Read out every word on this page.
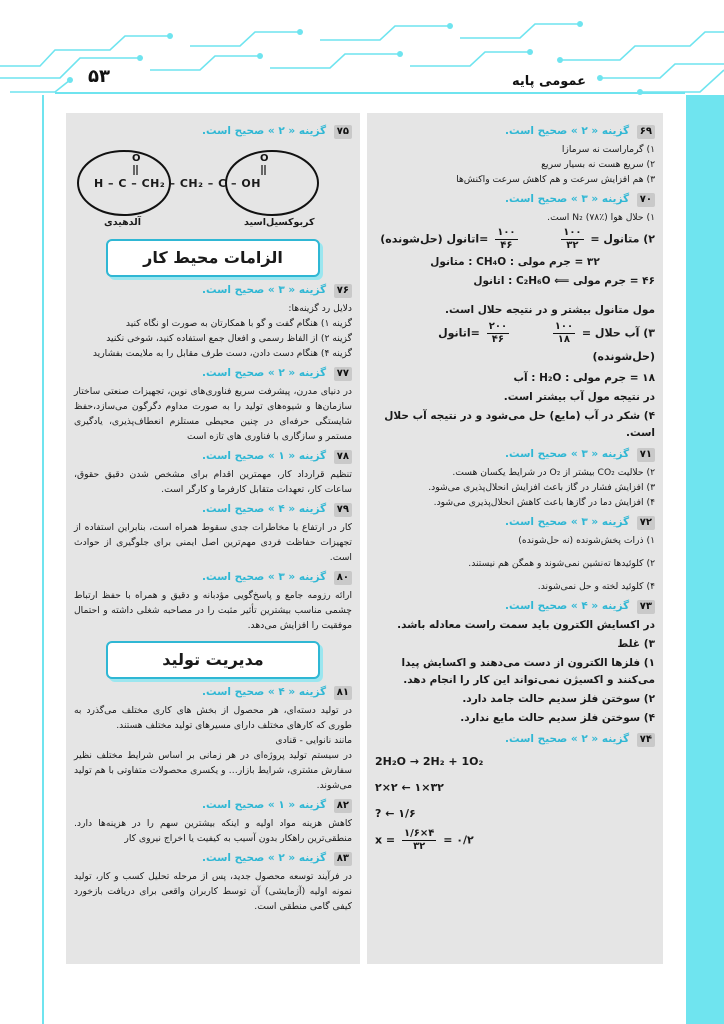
۵۳	عمومی پایه
۶۹ گزینه « ۲ » صحیح است.

۱) گرماراست نه سرمازا

۲) سریع هست نه بسیار سریع

۳) هم افزایش سرعت و هم کاهش سرعت واکنش‌ها

۷۰ گزینه « ۳ » صحیح است.

۱) حلال هوا N₂ (۷۸٪) است.

۲) متانول =
$\frac{۱۰۰}{۳۲}$

$\frac{۱۰۰}{۴۶}$
=اتانول (حل‌شونده)

۳۲ = جرم مولی : CH₄O : متانول

۴۶ = جرم مولی ⟸ C₂H₆O : اتانول

مول متانول بیشتر و در نتیجه حلال است.

۳) آب حلال =
$\frac{۱۰۰}{۱۸}$

$\frac{۲۰۰}{۴۶}$
=اتانول (حل‌شونده)

۱۸ = جرم مولی : H₂O : آب

در نتیجه مول آب بیشتر است.

۴) شکر در آب (مایع) حل می‌شود و در نتیجه آب حلال است.

۷۱ گزینه « ۳ » صحیح است.

۲) حلالیت CO₂ بیشتر از O₂ در شرایط یکسان هست.

۳) افزایش فشار در گاز باعث افزایش انحلال‌پذیری می‌شود.

۴) افزایش دما در گازها باعث کاهش انحلال‌پذیری می‌شود.

۷۲ گزینه « ۳ » صحیح است.

۱) ذرات پخش‌شونده (نه حل‌شونده)

۲) کلوئیدها ته‌نشین نمی‌شوند و همگن هم نیستند.

۴) کلوئید لخته و حل نمی‌شوند.

۷۳ گزینه « ۴ » صحیح است.

در اکسایش الکترون باید سمت راست معادله باشد.

۳) غلط

۱) فلزها الکترون از دست می‌دهند و اکسایش پیدا می‌کنند و اکسیژن نمی‌تواند این کار را انجام دهد.

۲) سوختن فلز سدیم حالت جامد دارد.

۴) سوختن فلز سدیم حالت مایع ندارد.

۷۴ گزینه « ۲ » صحیح است.

2H₂O → 2H₂ + 1O₂

۲×۲ ← ۱×۳۲

? ← ۱/۶

$x = \frac{۱/۶\times ۴}{۳۲}$ = ۰/۲
۷۵ گزینه « ۲ » صحیح است.
O	O
H – C – CH₂ – CH₂ – C – OH
آلدهیدی	کربوکسیل‌اسید
الزامات محیط کار
۷۶ گزینه « ۳ » صحیح است.

دلایل رد گزینه‌ها:

گزینه ۱) هنگام گفت و گو با همکارتان به صورت او نگاه کنید

گزینه ۲) از الفاظ رسمی و افعال جمع استفاده کنید، شوخی نکنید

گزینه ۴) هنگام دست دادن، دست طرف مقابل را به ملایمت بفشارید

۷۷ گزینه « ۲ » صحیح است.

در دنیای مدرن، پیشرفت سریع فناوری‌های نوین، تجهیزات صنعتی ساختار سازمان‌ها و شیوه‌های تولید را به صورت مداوم دگرگون می‌سازد،حفظ شایستگی حرفه‌ای در چنین محیطی مستلزم انعطاف‌پذیری، یادگیری مستمر و سازگاری با فناوری های تازه است

۷۸ گزینه « ۱ » صحیح است.

تنظیم قرارداد کار، مهمترین اقدام برای مشخص شدن دقیق حقوق، ساعات کار، تعهدات متقابل کارفرما و کارگر است.

۷۹ گزینه « ۴ » صحیح است.

کار در ارتفاع با مخاطرات جدی سقوط همراه است، بنابراین استفاده از تجهیزات حفاظت فردی مهم‌ترین اصل ایمنی برای جلوگیری از حوادث است.

۸۰ گزینه « ۳ » صحیح است.

ارائه رزومه جامع و پاسخ‌گویی مؤدبانه و دقیق و همراه با حفظ ارتباط چشمی مناسب بیشترین تأثیر مثبت را در مصاحبه شغلی داشته و احتمال موفقیت را افزایش می‌دهد.

مدیریت تولید
۸۱ گزینه « ۴ » صحیح است.

در تولید دسته‌ای، هر محصول از بخش های کاری مختلف می‌گذرد به طوری که کارهای مختلف دارای مسیرهای تولید مختلف هستند.

مانند نانوایی - قنادی

در سیستم تولید پروژه‌ای در هر زمانی بر اساس شرایط مختلف نظیر سفارش مشتری، شرایط بازار… و یکسری محصولات متفاوتی با هم تولید می‌شوند.

۸۲ گزینه « ۱ » صحیح است.

کاهش هزینه مواد اولیه و اینکه بیشترین سهم را در هزینه‌ها دارد. منطقی‌ترین راهکار بدون آسیب به کیفیت یا اخراج نیروی کار

۸۳ گزینه « ۲ » صحیح است.

در فرآیند توسعه محصول جدید، پس از مرحله تحلیل کسب و کار، تولید نمونه اولیه (آزمایشی) آن توسط کاربران واقعی برای دریافت بازخورد کیفی گامی منطقی است.
